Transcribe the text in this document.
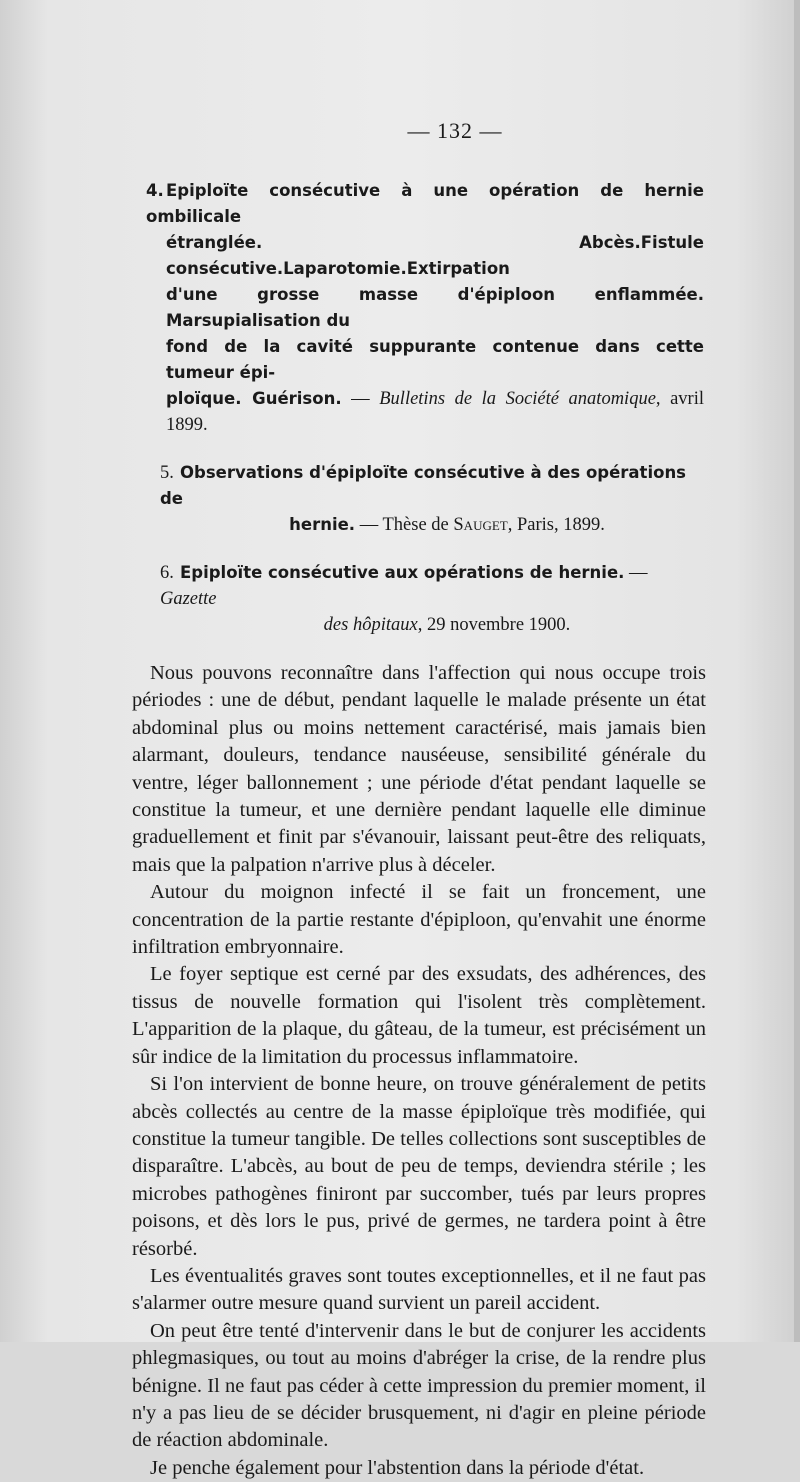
— 132 —
4. Epiploïte consécutive à une opération de hernie ombilicale
étranglée. Abcès.Fistule consécutive.Laparotomie.Extirpation
d'une grosse masse d'épiploon enflammée. Marsupialisation du
fond de la cavité suppurante contenue dans cette tumeur épi-
ploïque. Guérison. — Bulletins de la Société anatomique, avril 1899.
5. Observations d'épiploïte consécutive à des opérations de
hernie. — Thèse de Sauget, Paris, 1899.
6. Epiploïte consécutive aux opérations de hernie. — Gazette
des hôpitaux, 29 novembre 1900.

Nous pouvons reconnaître dans l'affection qui nous occupe trois périodes : une de début, pendant laquelle le malade présente un état abdominal plus ou moins nettement caractérisé, mais jamais bien alarmant, douleurs, tendance nauséeuse, sensibilité générale du ventre, léger ballonnement ; une période d'état pendant laquelle se constitue la tumeur, et une dernière pendant laquelle elle diminue graduellement et finit par s'évanouir, laissant peut-être des reliquats, mais que la palpation n'arrive plus à déceler.

Autour du moignon infecté il se fait un froncement, une concentration de la partie restante d'épiploon, qu'envahit une énorme infiltration embryonnaire.

Le foyer septique est cerné par des exsudats, des adhérences, des tissus de nouvelle formation qui l'isolent très complètement. L'apparition de la plaque, du gâteau, de la tumeur, est précisément un sûr indice de la limitation du processus inflammatoire.

Si l'on intervient de bonne heure, on trouve généralement de petits abcès collectés au centre de la masse épiploïque très modifiée, qui constitue la tumeur tangible. De telles collections sont susceptibles de disparaître. L'abcès, au bout de peu de temps, deviendra stérile ; les microbes pathogènes finiront par succomber, tués par leurs propres poisons, et dès lors le pus, privé de germes, ne tardera point à être résorbé.

Les éventualités graves sont toutes exceptionnelles, et il ne faut pas s'alarmer outre mesure quand survient un pareil accident.

On peut être tenté d'intervenir dans le but de conjurer les accidents phlegmasiques, ou tout au moins d'abréger la crise, de la rendre plus bénigne. Il ne faut pas céder à cette impression du premier moment, il n'y a pas lieu de se décider brusquement, ni d'agir en pleine période de réaction abdominale.

Je penche également pour l'abstention dans la période d'état.
